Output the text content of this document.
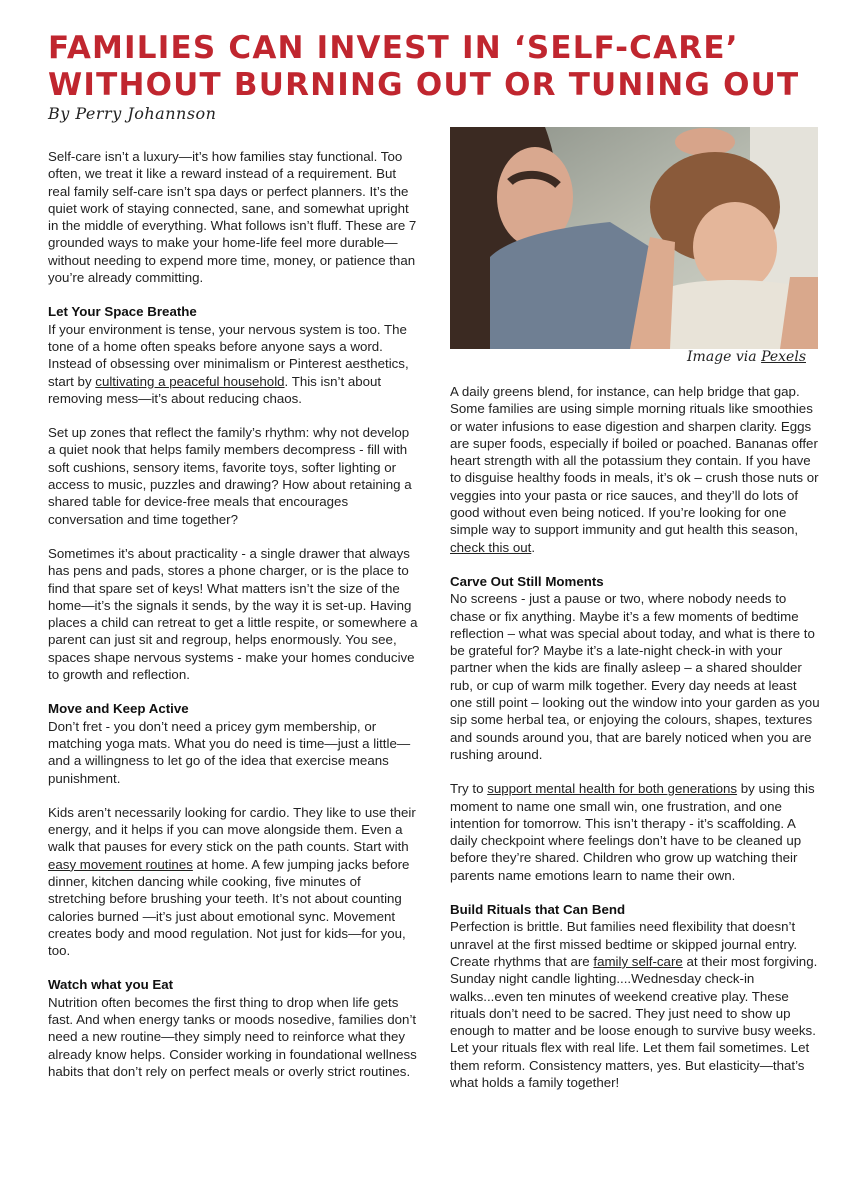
FAMILIES CAN INVEST IN ‘SELF-CARE’
WITHOUT BURNING OUT OR TUNING OUT

By Perry Johannson

Image via Pexels

Self-care isn’t a luxury—it’s how families stay functional. Too often, we treat it like a reward instead of a requirement. But real family self-care isn’t spa days or perfect planners. It’s the quiet work of staying connected, sane, and somewhat upright in the middle of everything. What follows isn’t fluff. These are 7 grounded ways to make your home-life feel more durable—without needing to expend more time, money, or patience than you’re already committing.

Let Your Space Breathe

If your environment is tense, your nervous system is too. The tone of a home often speaks before anyone says a word. Instead of obsessing over minimalism or Pinterest aesthetics, start by cultivating a peaceful household. This isn’t about removing mess—it’s about reducing chaos.

Set up zones that reflect the family’s rhythm: why not develop a quiet nook that helps family members decompress - fill with soft cushions, sensory items, favorite toys, softer lighting or access to music, puzzles and drawing? How about retaining a shared table for device-free meals that encourages conversation and time together?

Sometimes it’s about practicality - a single drawer that always has pens and pads, stores a phone charger, or is the place to find that spare set of keys! What matters isn’t the size of the home—it’s the signals it sends, by the way it is set-up. Having places a child can retreat to get a little respite, or somewhere a parent can just sit and regroup, helps enormously. You see, spaces shape nervous systems - make your homes conducive to growth and reflection.

Move and Keep Active

Don’t fret - you don’t need a pricey gym membership, or matching yoga mats. What you do need is time—just a little—and a willingness to let go of the idea that exercise means punishment.

Kids aren’t necessarily looking for cardio. They like to use their energy, and it helps if you can move alongside them. Even a walk that pauses for every stick on the path counts. Start with easy movement routines at home. A few jumping jacks before dinner, kitchen dancing while cooking, five minutes of stretching before brushing your teeth. It’s not about counting calories burned —it’s just about emotional sync. Movement creates body and mood regulation. Not just for kids—for you, too.

Watch what you Eat

Nutrition often becomes the first thing to drop when life gets fast. And when energy tanks or moods nosedive, families don’t need a new routine—they simply need to reinforce what they already know helps. Consider working in foundational wellness habits that don’t rely on perfect meals or overly strict routines.

A daily greens blend, for instance, can help bridge that gap. Some families are using simple morning rituals like smoothies or water infusions to ease digestion and sharpen clarity. Eggs are super foods, especially if boiled or poached. Bananas offer heart strength with all the potassium they contain. If you have to disguise healthy foods in meals, it’s ok – crush those nuts or veggies into your pasta or rice sauces, and they’ll do lots of good without even being noticed. If you’re looking for one simple way to support immunity and gut health this season, check this out.

Carve Out Still Moments

No screens - just a pause or two, where nobody needs to chase or fix anything. Maybe it’s a few moments of bedtime reflection – what was special about today, and what is there to be grateful for? Maybe it’s a late-night check-in with your partner when the kids are finally asleep – a shared shoulder rub, or cup of warm milk together. Every day needs at least one still point – looking out the window into your garden as you sip some herbal tea, or enjoying the colours, shapes, textures and sounds around you, that are barely noticed when you are rushing around.

Try to support mental health for both generations by using this moment to name one small win, one frustration, and one intention for tomorrow. This isn’t therapy - it’s scaffolding. A daily checkpoint where feelings don’t have to be cleaned up before they’re shared. Children who grow up watching their parents name emotions learn to name their own.

Build Rituals that Can Bend

Perfection is brittle. But families need flexibility that doesn’t unravel at the first missed bedtime or skipped journal entry. Create rhythms that are family self-care at their most forgiving. Sunday night candle lighting....Wednesday check-in walks...even ten minutes of weekend creative play. These rituals don’t need to be sacred. They just need to show up enough to matter and be loose enough to survive busy weeks. Let your rituals flex with real life. Let them fail sometimes. Let them reform. Consistency matters, yes. But elasticity—that’s what holds a family together!
